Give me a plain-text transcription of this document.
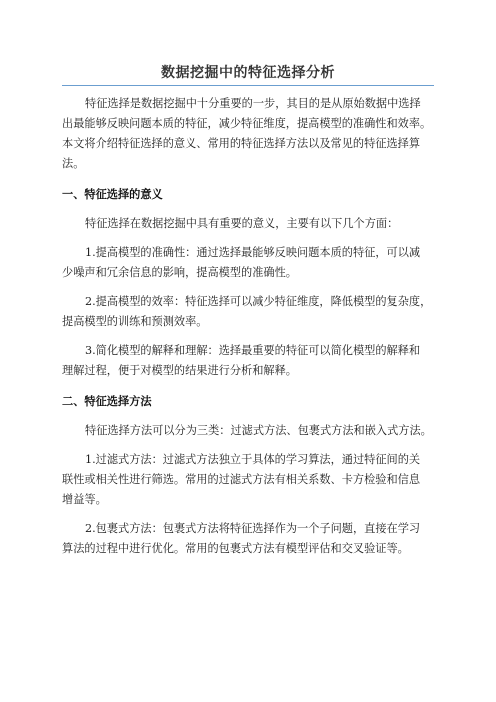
数据挖掘中的特征选择分析

特征选择是数据挖掘中十分重要的一步，其目的是从原始数据中选择
出最能够反映问题本质的特征，减少特征维度，提高模型的准确性和效率。
本文将介绍特征选择的意义、常用的特征选择方法以及常见的特征选择算
法。

一、特征选择的意义

特征选择在数据挖掘中具有重要的意义，主要有以下几个方面：

1.提高模型的准确性：通过选择最能够反映问题本质的特征，可以减
少噪声和冗余信息的影响，提高模型的准确性。

2.提高模型的效率：特征选择可以减少特征维度，降低模型的复杂度，
提高模型的训练和预测效率。

3.简化模型的解释和理解：选择最重要的特征可以简化模型的解释和
理解过程，便于对模型的结果进行分析和解释。

二、特征选择方法

特征选择方法可以分为三类：过滤式方法、包裹式方法和嵌入式方法。

1.过滤式方法：过滤式方法独立于具体的学习算法，通过特征间的关
联性或相关性进行筛选。常用的过滤式方法有相关系数、卡方检验和信息
增益等。

2.包裹式方法：包裹式方法将特征选择作为一个子问题，直接在学习
算法的过程中进行优化。常用的包裹式方法有模型评估和交叉验证等。
